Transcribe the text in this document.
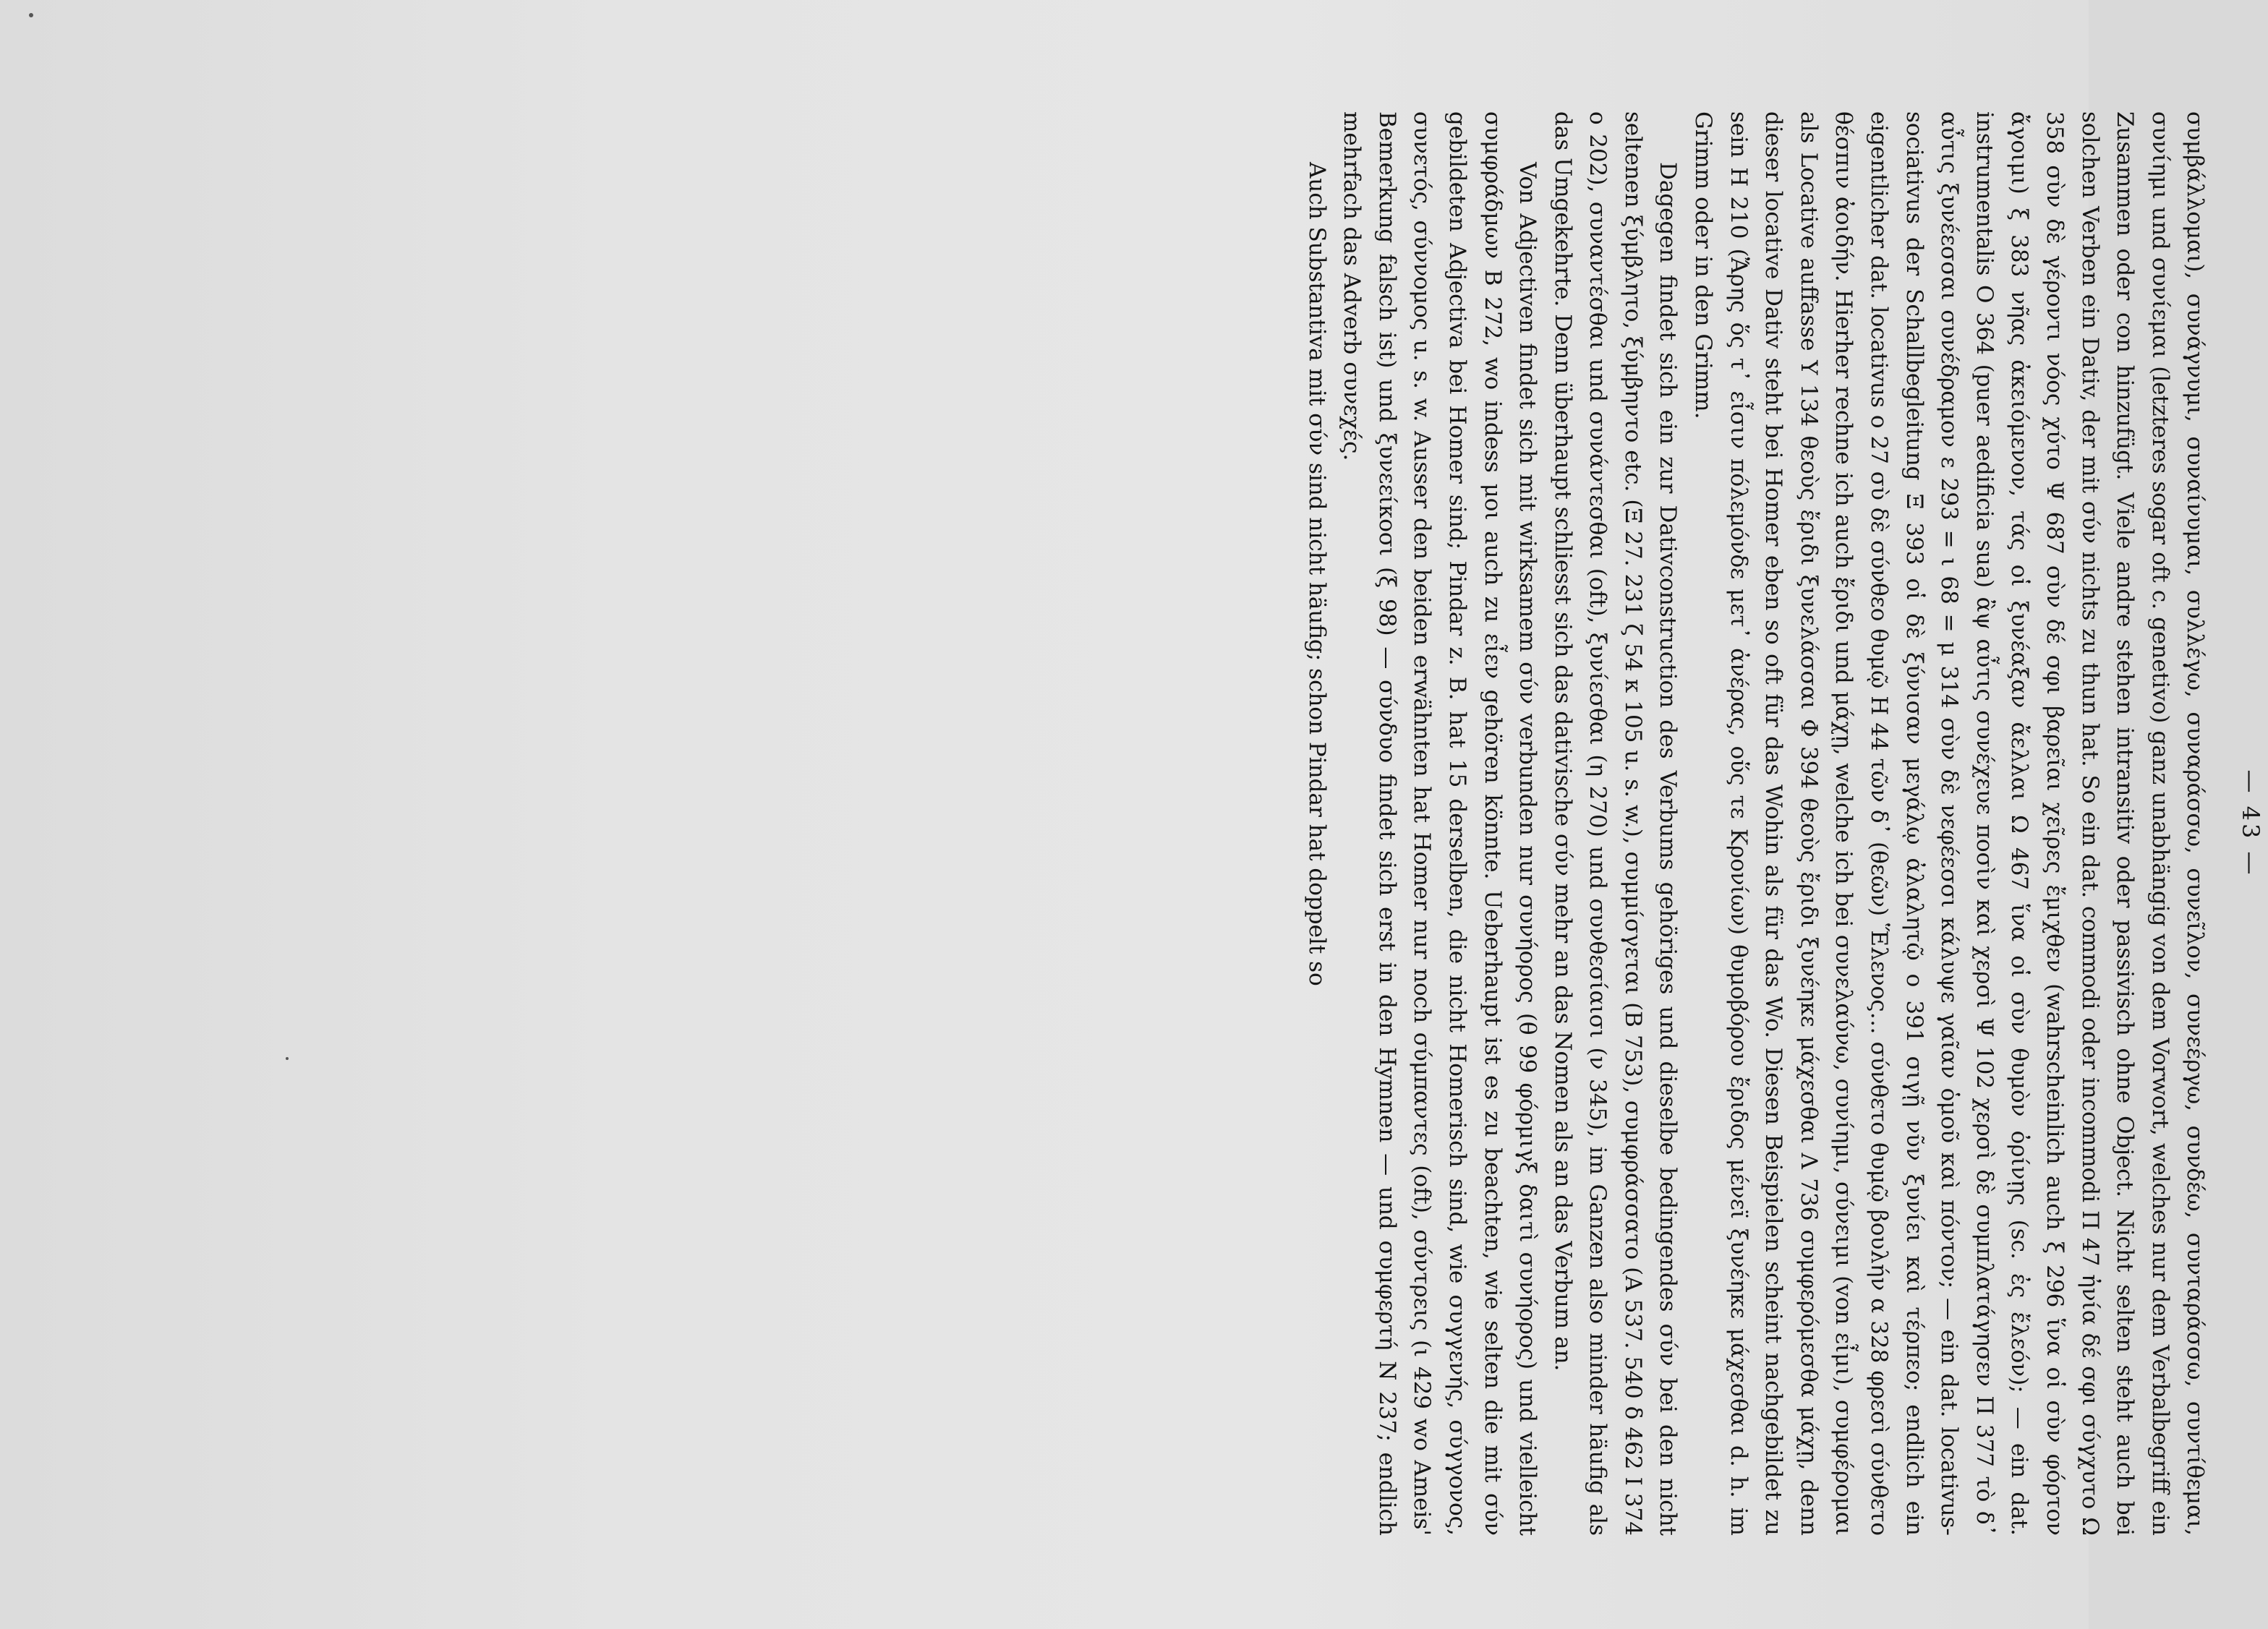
— 43 —

συμβάλλομαι), συνάγνυμι, συναίνυμαι, συλλέγω, συναράσσω, συνεῖλον, συνεέργω, συνδέω, συνταράσσω, συντίθεμαι, συνίημι und συνίεμαι (letzteres sogar oft c. genetivo) ganz unabhängig von dem Vorwort, welches nur dem Verbalbegriff ein Zusammen oder con hinzufügt. Viele andre stehen intransitiv oder passivisch ohne Object. Nicht selten steht auch bei solchen Verben ein Dativ, der mit σύν nichts zu thun hat. So ein dat. commodi oder incommodi Π 47 ἠνία δέ σφι σύγχυτο Ω 358 σὺν δὲ γέροντι νόος χύτο Ψ 687 σὺν δέ σφι βαρεῖαι χεῖρες ἔμιχθεν (wahrscheinlich auch ξ 296 ἵνα οἱ σὺν φόρτον ἄγοιμι) ξ 383 νῆας ἀκειόμενον, τάς οἱ ξυνέαξαν ἄελλαι Ω 467 ἵνα οἱ σὺν θυμὸν ὀρίνῃς (sc. ἐς ἔλεόν); — ein dat. instrumentalis Ο 364 (puer aedificia sua) ἂψ αὖτις συνέχευε ποσὶν καὶ χερσὶ Ψ 102 χερσὶ δὲ συμπλατάγησεν Π 377 τὸ δ᾽ αὖτις ξυνέεσσαι συνέδραμον ε 293 = ι 68 = μ 314 σὺν δὲ νεφέεσσι κάλυψε γαῖαν ὁμοῦ καὶ πόντον; — ein dat. locativus-sociativus der Schallbegleitung Ξ 393 οἱ δὲ ξύνισαν μεγάλῳ ἀλαλητῷ ο 391 σιγῇ νῦν ξυνίει καὶ τέρπεο; endlich ein eigentlicher dat. locativus ο 27 σὺ δὲ σύνθεο θυμῷ Η 44 τῶν δ᾽ (θεῶν) Ἕλενος… σύνθετο θυμῷ βουλήν α 328 φρεσὶ σύνθετο θέσπιν ἀοιδήν. Hierher rechne ich auch ἔριδι und μάχῃ, welche ich bei συνελαύνω, συνίημι, σύνειμι (von εἶμι), συμφέρομαι als Locative auffasse Υ 134 θεοὺς ἔριδι ξυνελάσσαι Φ 394 θεοὺς ἔριδι ξυνέηκε μάχεσθαι Λ 736 συμφερόμεσθα μάχῃ, denn dieser locative Dativ steht bei Homer eben so oft für das Wohin als für das Wo. Diesen Beispielen scheint nachgebildet zu sein Η 210 (Ἄρης ὅς τ᾽ εἶσιν πόλεμόνδε μετ᾽ ἀνέρας, οὕς τε Κρονίων) θυμοβόρου ἔριδος μένεϊ ξυνέηκε μάχεσθαι d. h. im Grimm oder in den Grimm.

Dagegen findet sich ein zur Dativconstruction des Verbums gehöriges und dieselbe bedingendes σύν bei den nicht seltenen ξύμβλητο, ξύμβηντο etc. (Ξ 27. 231 ζ 54 κ 105 u. s. w.), συμμίσγεται (Β 753), συμφράσσατο (Α 537. 540 δ 462 Ι 374 ο 202), συναντέσθαι und συνάντεσθαι (oft), ξυνίεσθαι (η 270) und συνθεσίαισι (ν 345), im Ganzen also minder häufig als das Umgekehrte. Denn überhaupt schliesst sich das dativische σύν mehr an das Nomen als an das Verbum an.

Von Adjectiven findet sich mit wirksamem σύν verbunden nur συνήορος (θ 99 φόρμιγξ δαιτὶ συνήορος) und vielleicht συμφράδμων Β 272, wo indess μοι auch zu εἶεν gehören könnte. Ueberhaupt ist es zu beachten, wie selten die mit σύν gebildeten Adjectiva bei Homer sind; Pindar z. B. hat 15 derselben, die nicht Homerisch sind, wie συγγενής, σύγγονος, συνετός, σύννομος u. s. w. Ausser den beiden erwähnten hat Homer nur noch σύμπαντες (oft), σύντρεις (ι 429 wo Ameis' Bemerkung falsch ist) und ξυνεείκοσι (ξ 98) — σύνδυο findet sich erst in den Hymnen — und συμφερτή Ν 237; endlich mehrfach das Adverb συνεχές.

Auch Substantiva mit σύν sind nicht häufig; schon Pindar hat doppelt so
